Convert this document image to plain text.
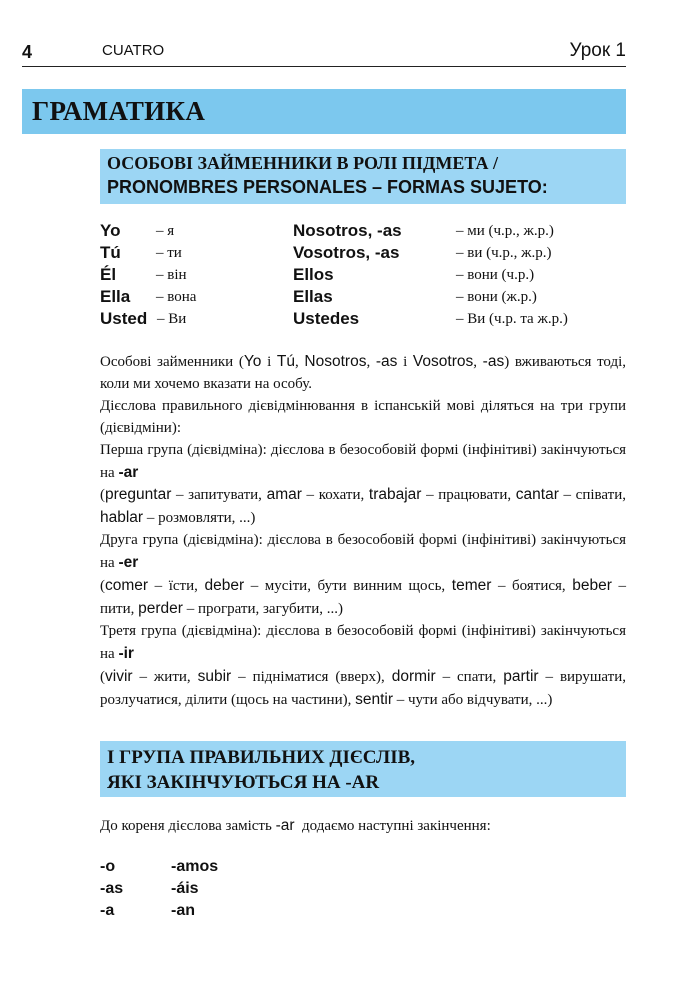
4	CUATRO	Урок 1
ГРАМАТИКА
ОСОБОВІ ЗАЙМЕННИКИ В РОЛІ ПІДМЕТА /
PRONOMBRES PERSONALES – FORMAS SUJETO:
Yo – я	Nosotros, -as	– ми (ч.р., ж.р.)
Tú – ти	Vosotros, -as	– ви (ч.р., ж.р.)
Él	– він	Ellos	– вони (ч.р.)
Ella – вона	Ellas	– вони (ж.р.)
Usted – Ви	Ustedes	– Ви (ч.р. та ж.р.)

Особові займенники (Yo і Tú, Nosotros, -as і Vosotros, -as) вживаються тоді, коли ми хочемо вказати на особу.

Дієслова правильного дієвідмінювання в іспанській мові діляться на три групи (дієвідміни):

Перша група (дієвідміна): дієслова в безособовій формі (інфінітиві) закінчуються на -ar

(preguntar – запитувати, amar – кохати, trabajar – працювати, cantar – співати, hablar – розмовляти, ...)

Друга група (дієвідміна): дієслова в безособовій формі (інфінітиві) закінчуються на -er

(comer – їсти, deber – мусіти, бути винним щось, temer – боятися, beber – пити, perder – програти, загубити, ...)

Третя група (дієвідміна): дієслова в безособовій формі (інфінітиві) закінчуються на -ir

(vivir – жити, subir – підніматися (вверх), dormir – спати, partir – вирушати, розлучатися, ділити (щось на частини), sentir – чути або відчувати, ...)

І ГРУПА ПРАВИЛЬНИХ ДІЄСЛІВ,
ЯКІ ЗАКІНЧУЮТЬСЯ НА -AR
До кореня дієслова замість -ar  додаємо наступні закінчення:
-o	-amos
-as	-áis
-a	-an
